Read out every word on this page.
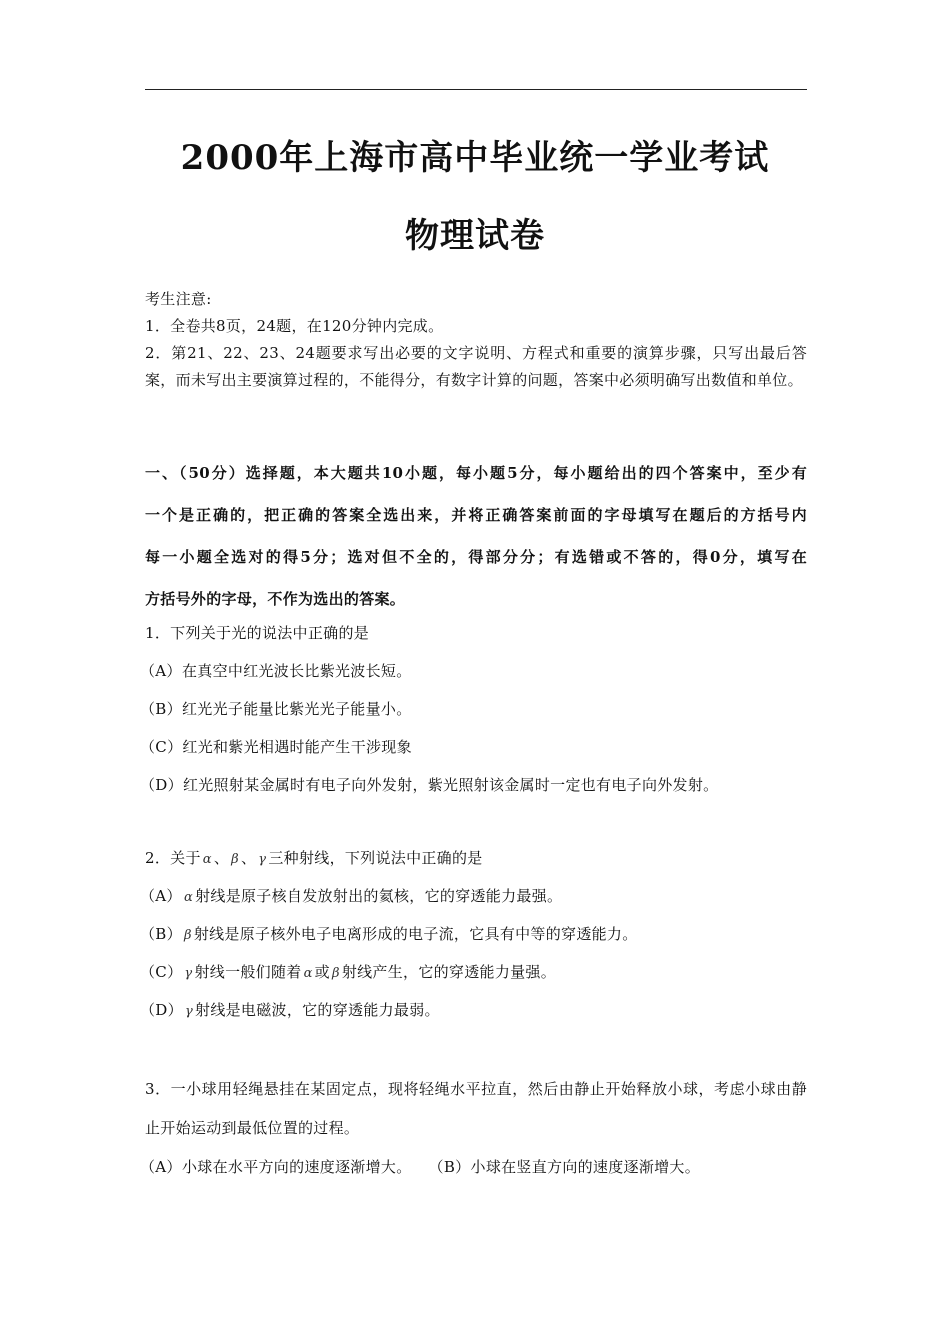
2000年上海市高中毕业统一学业考试
物理试卷

考生注意:

1．全卷共8页，24题，在120分钟内完成。

2．第21、22、23、24题要求写出必要的文字说明、方程式和重要的演算步骤，只写出最后答案，而未写出主要演算过程的，不能得分，有数字计算的问题，答案中必须明确写出数值和单位。

一、（50分）选择题，本大题共10小题，每小题5分，每小题给出的四个答案中，至少有
一个是正确的，把正确的答案全选出来，并将正确答案前面的字母填写在题后的方括号内
每一小题全选对的得5分；选对但不全的，得部分分；有选错或不答的，得0分，填写在
方括号外的字母，不作为选出的答案。
1．下列关于光的说法中正确的是
（A）在真空中红光波长比紫光波长短。
（B）红光光子能量比紫光光子能量小。
（C）红光和紫光相遇时能产生干涉现象
（D）红光照射某金属时有电子向外发射，紫光照射该金属时一定也有电子向外发射。
2．关于 α 、 β 、 γ 三种射线，下列说法中正确的是
（A） α 射线是原子核自发放射出的氦核，它的穿透能力最强。
（B） β 射线是原子核外电子电离形成的电子流，它具有中等的穿透能力。
（C） γ 射线一般们随着 α 或 β 射线产生，它的穿透能力量强。
（D） γ 射线是电磁波，它的穿透能力最弱。
3．一小球用轻绳悬挂在某固定点，现将轻绳水平拉直，然后由静止开始释放小球，考虑小球由静止开始运动到最低位置的过程。
（A）小球在水平方向的速度逐渐增大。 （B）小球在竖直方向的速度逐渐增大。
